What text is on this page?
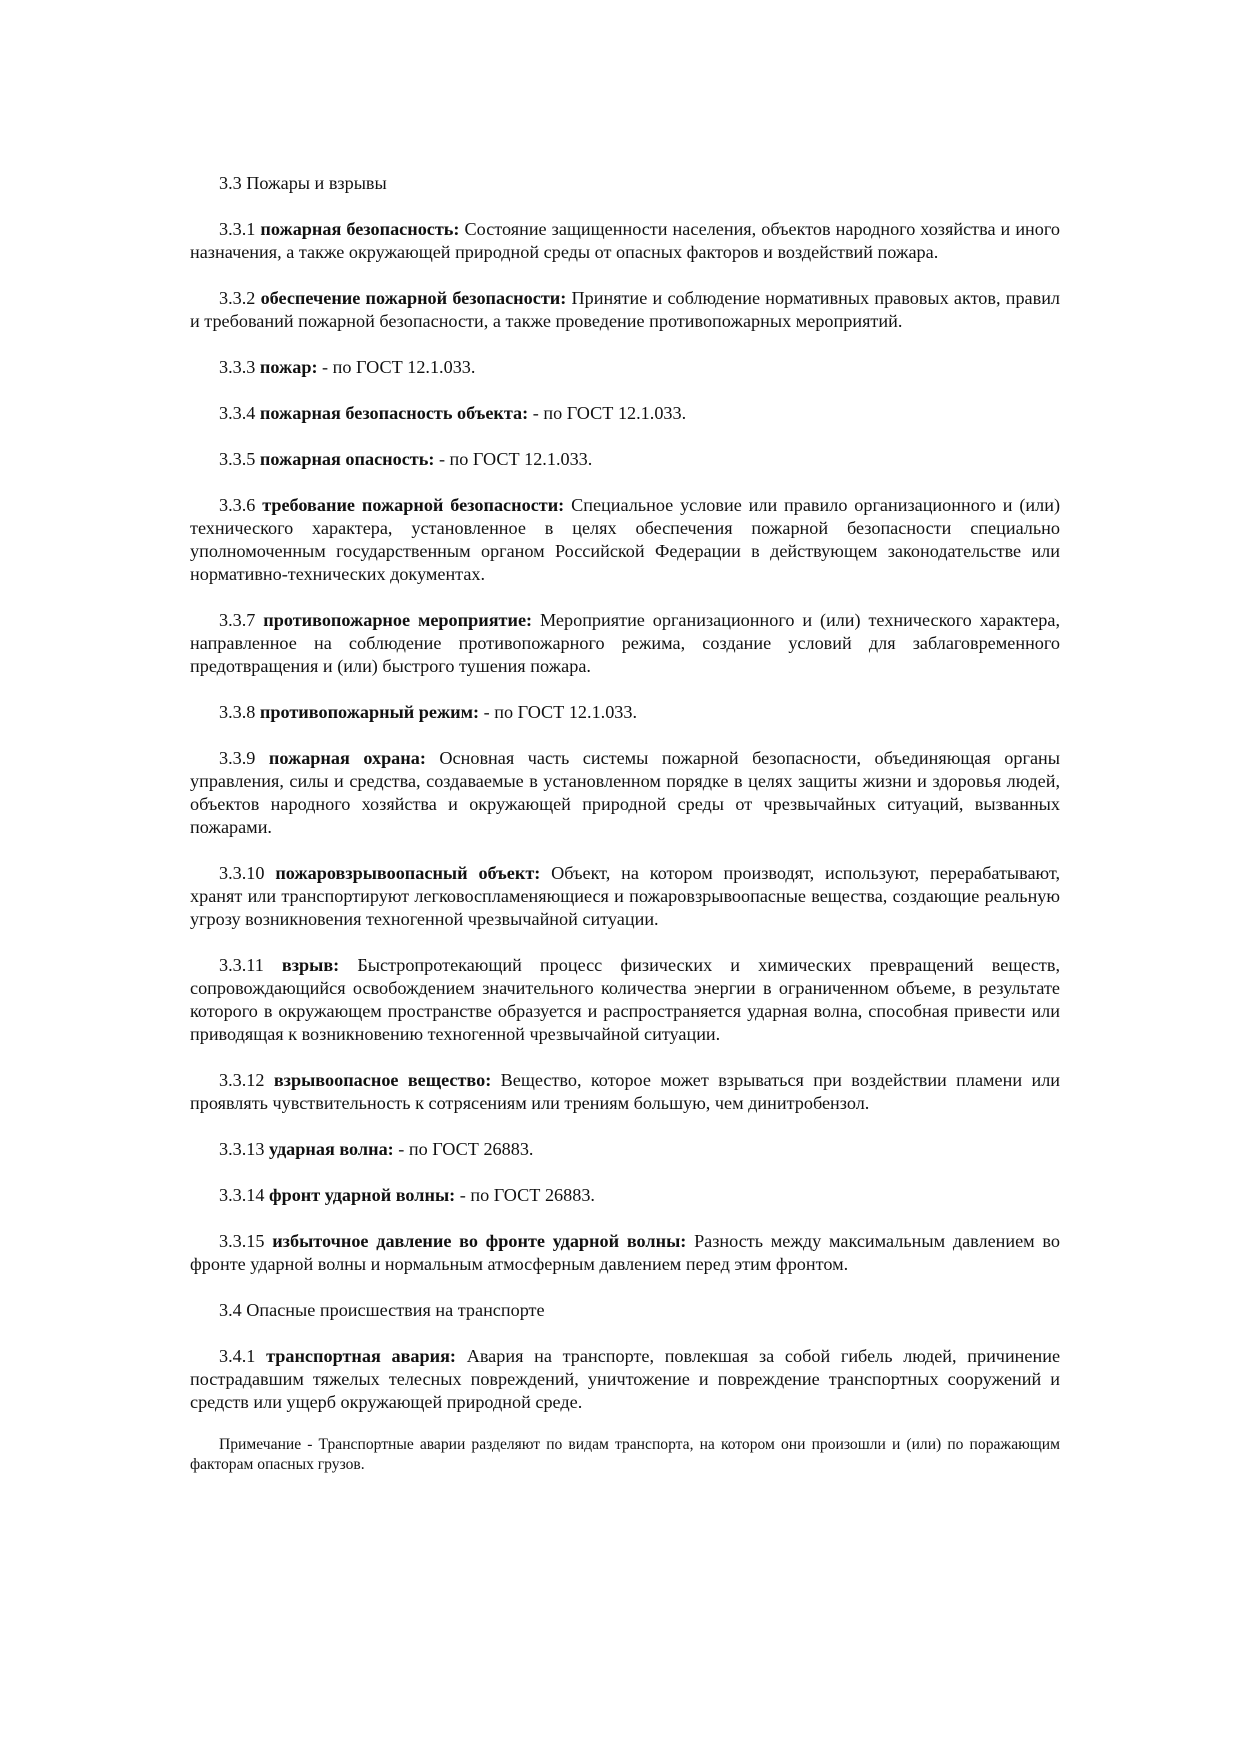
3.3 Пожары и взрывы

3.3.1 пожарная безопасность: Состояние защищенности населения, объектов народного хозяйства и иного назначения, а также окружающей природной среды от опасных факторов и воздействий пожара.

3.3.2 обеспечение пожарной безопасности: Принятие и соблюдение нормативных правовых актов, правил и требований пожарной безопасности, а также проведение противопожарных мероприятий.

3.3.3 пожар: - по ГОСТ 12.1.033.

3.3.4 пожарная безопасность объекта: - по ГОСТ 12.1.033.

3.3.5 пожарная опасность: - по ГОСТ 12.1.033.

3.3.6 требование пожарной безопасности: Специальное условие или правило организационного и (или) технического характера, установленное в целях обеспечения пожарной безопасности специально уполномоченным государственным органом Российской Федерации в действующем законодательстве или нормативно-технических документах.

3.3.7 противопожарное мероприятие: Мероприятие организационного и (или) технического характера, направленное на соблюдение противопожарного режима, создание условий для заблаговременного предотвращения и (или) быстрого тушения пожара.

3.3.8 противопожарный режим: - по ГОСТ 12.1.033.

3.3.9 пожарная охрана: Основная часть системы пожарной безопасности, объединяющая органы управления, силы и средства, создаваемые в установленном порядке в целях защиты жизни и здоровья людей, объектов народного хозяйства и окружающей природной среды от чрезвычайных ситуаций, вызванных пожарами.

3.3.10 пожаровзрывоопасный объект: Объект, на котором производят, используют, перерабатывают, хранят или транспортируют легковоспламеняющиеся и пожаровзрывоопасные вещества, создающие реальную угрозу возникновения техногенной чрезвычайной ситуации.

3.3.11 взрыв: Быстропротекающий процесс физических и химических превращений веществ, сопровождающийся освобождением значительного количества энергии в ограниченном объеме, в результате которого в окружающем пространстве образуется и распространяется ударная волна, способная привести или приводящая к возникновению техногенной чрезвычайной ситуации.

3.3.12 взрывоопасное вещество: Вещество, которое может взрываться при воздействии пламени или проявлять чувствительность к сотрясениям или трениям большую, чем динитробензол.

3.3.13 ударная волна: - по ГОСТ 26883.

3.3.14 фронт ударной волны: - по ГОСТ 26883.

3.3.15 избыточное давление во фронте ударной волны: Разность между максимальным давлением во фронте ударной волны и нормальным атмосферным давлением перед этим фронтом.

3.4 Опасные происшествия на транспорте

3.4.1 транспортная авария: Авария на транспорте, повлекшая за собой гибель людей, причинение пострадавшим тяжелых телесных повреждений, уничтожение и повреждение транспортных сооружений и средств или ущерб окружающей природной среде.

Примечание - Транспортные аварии разделяют по видам транспорта, на котором они произошли и (или) по поражающим факторам опасных грузов.
